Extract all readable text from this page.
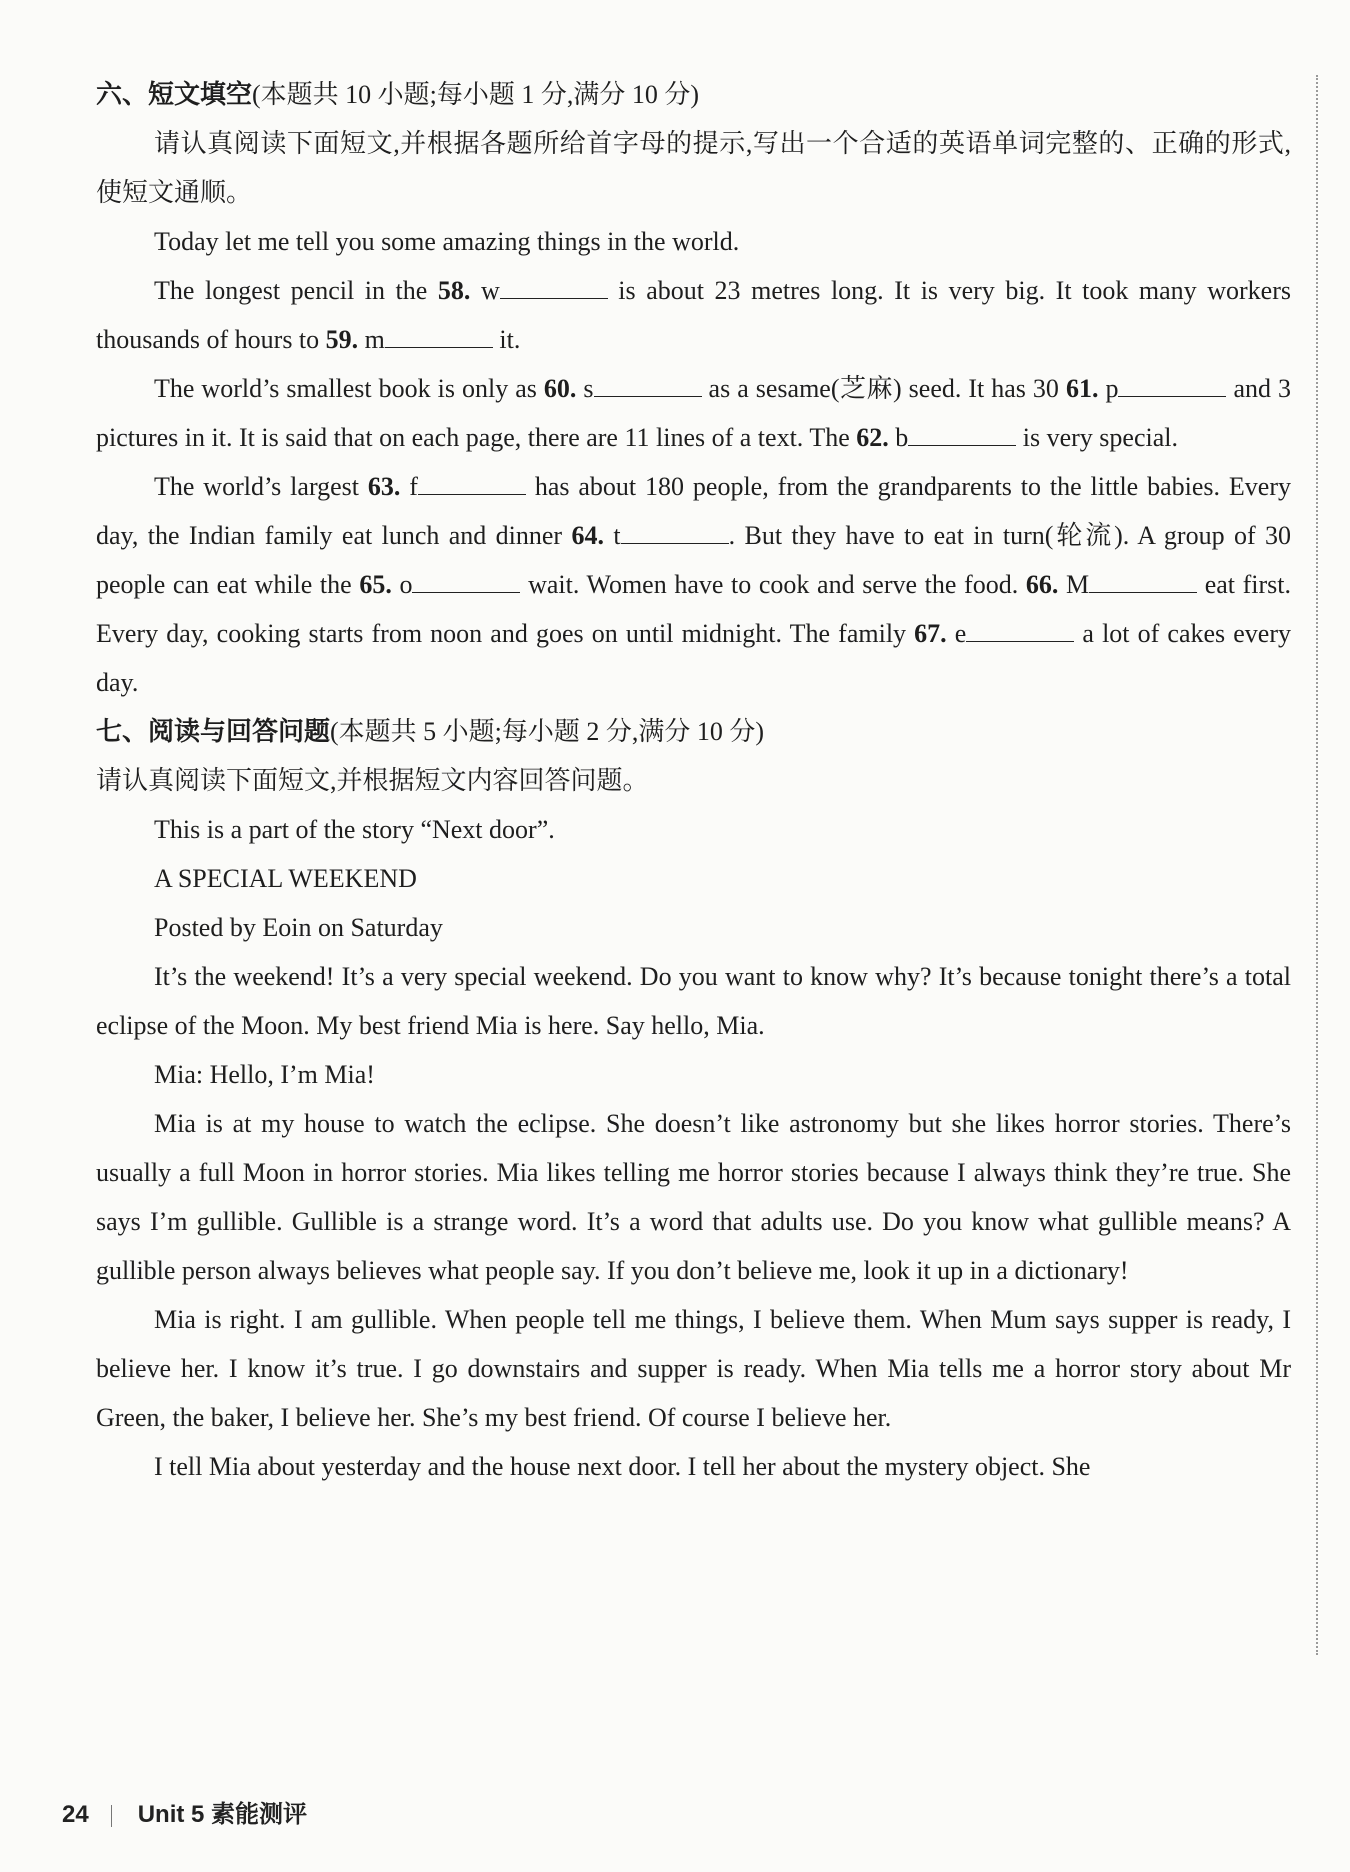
六、短文填空(本题共 10 小题;每小题 1 分,满分 10 分)

请认真阅读下面短文,并根据各题所给首字母的提示,写出一个合适的英语单词完整的、正确的形式,使短文通顺。

Today let me tell you some amazing things in the world.

The longest pencil in the 58. w	is about 23 metres long. It is very big. It took many workers thousands of hours to 59. m	it.

The world’s smallest book is only as 60. s	as a sesame(芝麻) seed. It has 30 61. p	and 3 pictures in it. It is said that on each page, there are 11 lines of a text. The 62. b	is very special.

The world’s largest 63. f	has about 180 people, from the grandparents to the little babies. Every day, the Indian family eat lunch and dinner 64. t	. But they have to eat in turn(轮流). A group of 30 people can eat while the 65. o	wait. Women have to cook and serve the food. 66. M	eat first. Every day, cooking starts from noon and goes on until midnight. The family 67. e	a lot of cakes every day.

七、阅读与回答问题(本题共 5 小题;每小题 2 分,满分 10 分)

请认真阅读下面短文,并根据短文内容回答问题。

This is a part of the story “Next door”.

A SPECIAL WEEKEND

Posted by Eoin on Saturday

It’s the weekend! It’s a very special weekend. Do you want to know why? It’s because tonight there’s a total eclipse of the Moon. My best friend Mia is here. Say hello, Mia.

Mia: Hello, I’m Mia!

Mia is at my house to watch the eclipse. She doesn’t like astronomy but she likes horror stories. There’s usually a full Moon in horror stories. Mia likes telling me horror stories because I always think they’re true. She says I’m gullible. Gullible is a strange word. It’s a word that adults use. Do you know what gullible means? A gullible person always believes what people say. If you don’t believe me, look it up in a dictionary!

Mia is right. I am gullible. When people tell me things, I believe them. When Mum says supper is ready, I believe her. I know it’s true. I go downstairs and supper is ready. When Mia tells me a horror story about Mr Green, the baker, I believe her. She’s my best friend. Of course I believe her.

I tell Mia about yesterday and the house next door. I tell her about the mystery object. She

24 Unit 5 素能测评
